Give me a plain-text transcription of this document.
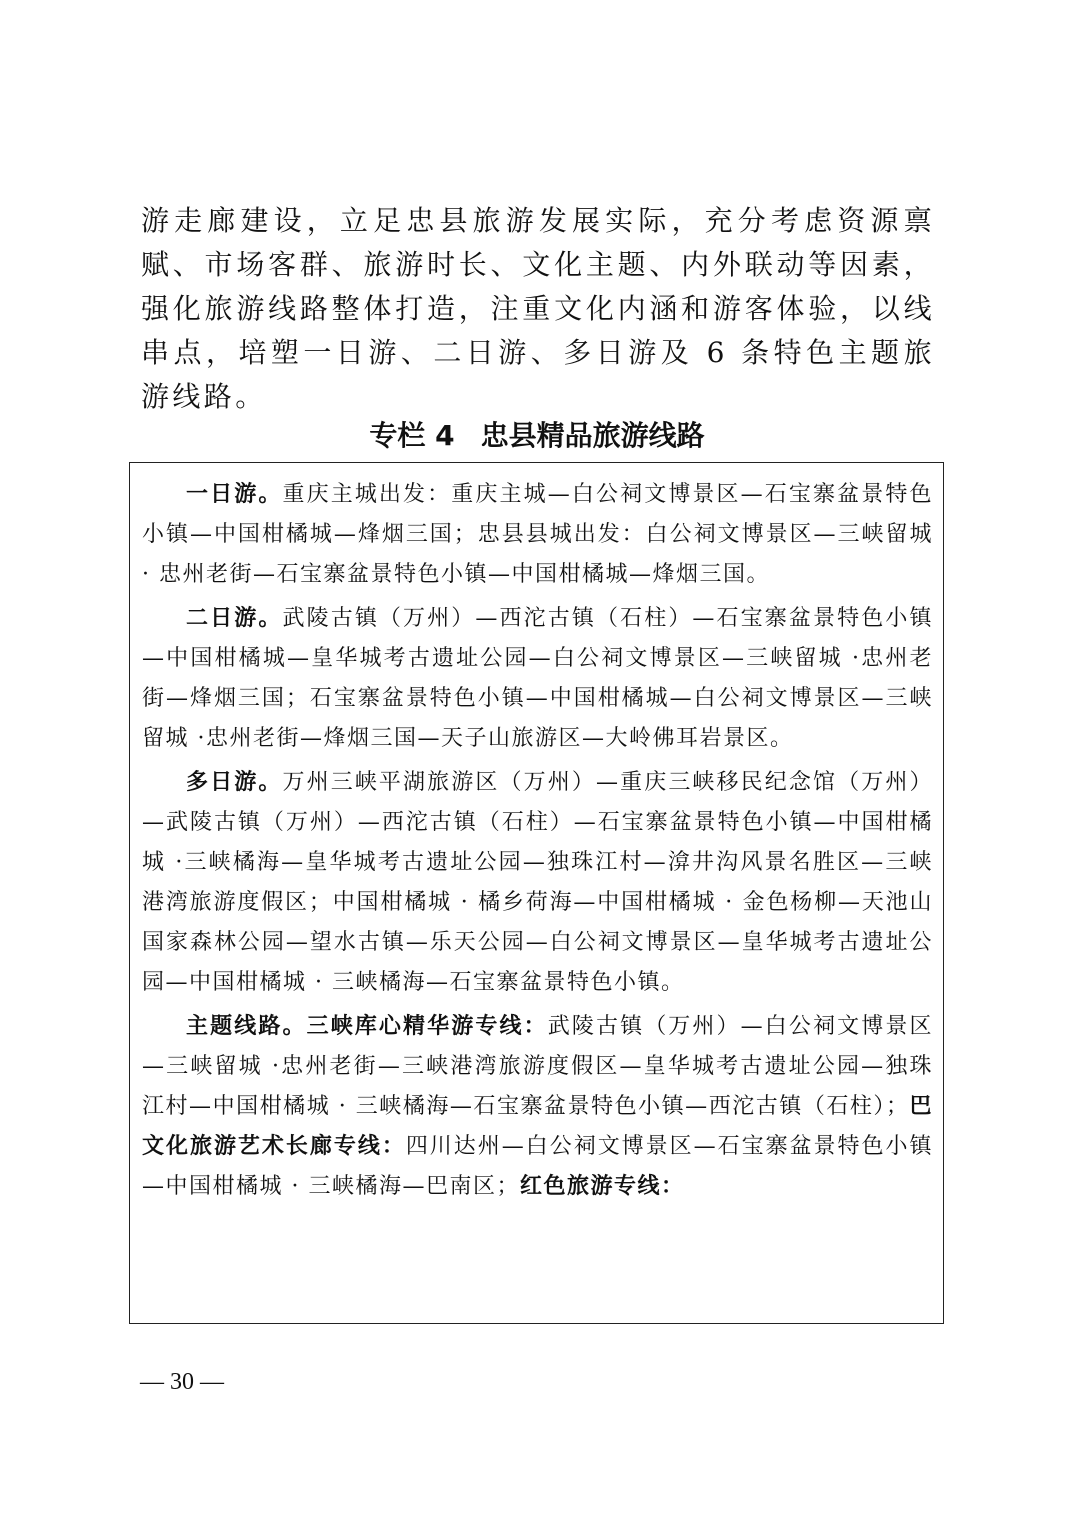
游走廊建设，立足忠县旅游发展实际，充分考虑资源禀赋、市场客群、旅游时长、文化主题、内外联动等因素，强化旅游线路整体打造，注重文化内涵和游客体验，以线串点，培塑一日游、二日游、多日游及 6 条特色主题旅游线路。

专栏 4 忠县精品旅游线路

一日游。重庆主城出发：重庆主城—白公祠文博景区—石宝寨盆景特色小镇—中国柑橘城—烽烟三国；忠县县城出发：白公祠文博景区—三峡留城 · 忠州老街—石宝寨盆景特色小镇—中国柑橘城—烽烟三国。

二日游。武陵古镇（万州）—西沱古镇（石柱）—石宝寨盆景特色小镇—中国柑橘城—皇华城考古遗址公园—白公祠文博景区—三峡留城 ·忠州老街—烽烟三国；石宝寨盆景特色小镇—中国柑橘城—白公祠文博景区—三峡留城 ·忠州老街—烽烟三国—天子山旅游区—大岭佛耳岩景区。

多日游。万州三峡平湖旅游区（万州）—重庆三峡移民纪念馆（万州）—武陵古镇（万州）—西沱古镇（石柱）—石宝寨盆景特色小镇—中国柑橘城 ·三峡橘海—皇华城考古遗址公园—独珠江村—渰井沟风景名胜区—三峡港湾旅游度假区；中国柑橘城 · 橘乡荷海—中国柑橘城 · 金色杨柳—天池山国家森林公园—望水古镇—乐天公园—白公祠文博景区—皇华城考古遗址公园—中国柑橘城 · 三峡橘海—石宝寨盆景特色小镇。

主题线路。三峡库心精华游专线：武陵古镇（万州）—白公祠文博景区—三峡留城 ·忠州老街—三峡港湾旅游度假区—皇华城考古遗址公园—独珠江村—中国柑橘城 · 三峡橘海—石宝寨盆景特色小镇—西沱古镇（石柱）；巴文化旅游艺术长廊专线：四川达州—白公祠文博景区—石宝寨盆景特色小镇—中国柑橘城 · 三峡橘海—巴南区；红色旅游专线：

— 30 —
